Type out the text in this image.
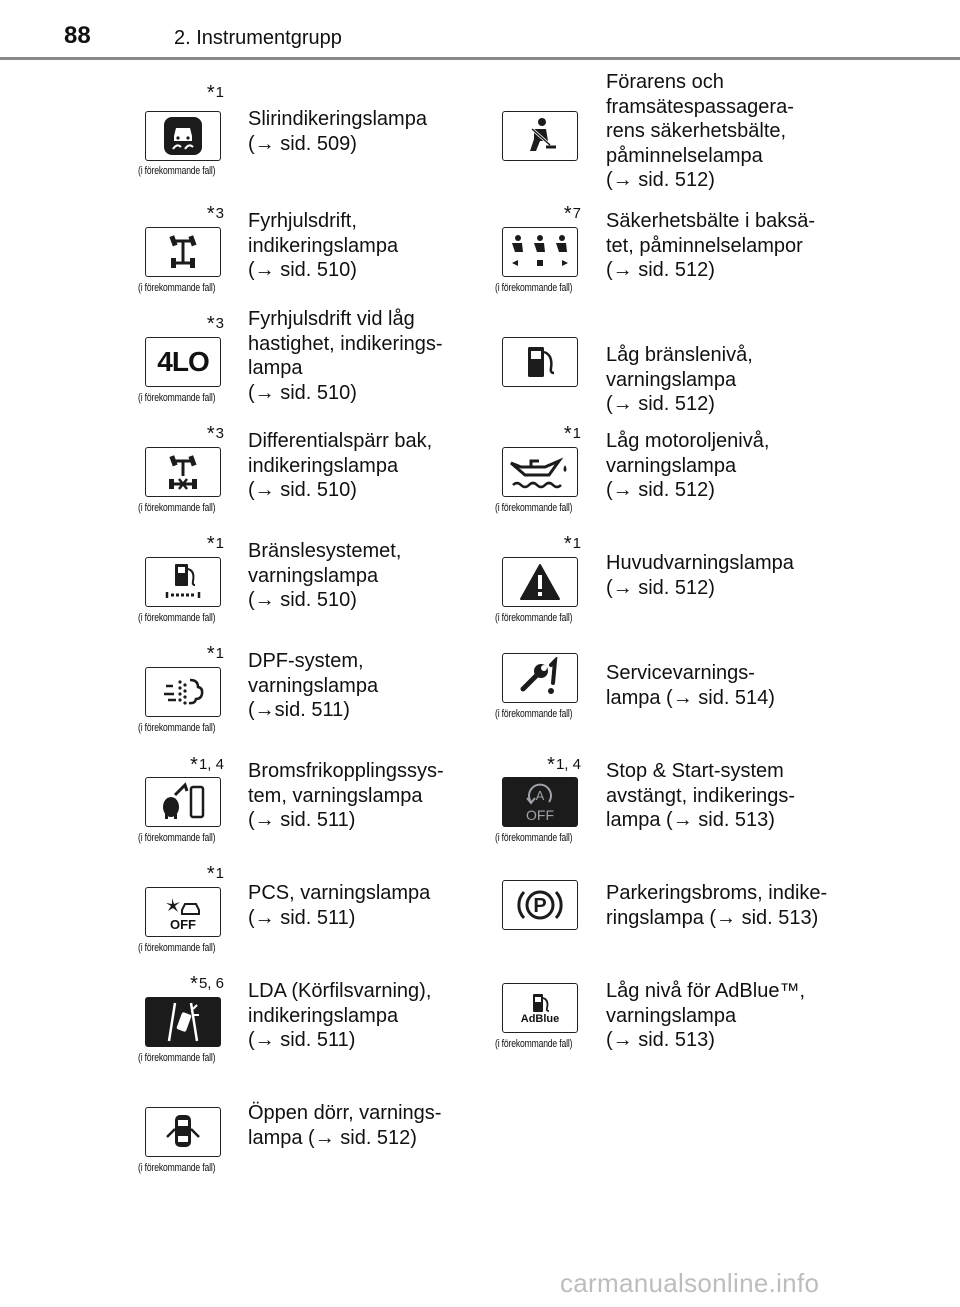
88	2. Instrumentgrupp
*1
(i förekommande fall)
Slirindikeringslampa
(→ sid. 509)
*3
(i förekommande fall)
Fyrhjulsdrift,
indikeringslampa
(→ sid. 510)
*3
4LO
(i förekommande fall)
Fyrhjulsdrift vid låg
hastighet, indikerings-
lampa
(→ sid. 510)
*3
(i förekommande fall)
Differentialspärr bak,
indikeringslampa
(→ sid. 510)
*1
(i förekommande fall)
Bränslesystemet,
varningslampa
(→ sid. 510)
*1
(i förekommande fall)
DPF-system,
varningslampa
(→sid. 511)
*1, 4
(i förekommande fall)
Bromsfrikopplingssys-
tem, varningslampa
(→ sid. 511)
*1
OFF
(i förekommande fall)
PCS, varningslampa
(→ sid. 511)
*5, 6
(i förekommande fall)
LDA (Körfilsvarning),
indikeringslampa
(→ sid. 511)
(i förekommande fall)
Öppen dörr, varnings-
lampa (→ sid. 512)
Förarens och
framsätespassagera-
rens säkerhetsbälte,
påminnelselampa
(→ sid. 512)
*7
(i förekommande fall)
Säkerhetsbälte i baksä-
tet, påminnelselampor
(→ sid. 512)
Låg bränslenivå,
varningslampa
(→ sid. 512)
*1
(i förekommande fall)
Låg motoroljenivå,
varningslampa
(→ sid. 512)
*1
(i förekommande fall)
Huvudvarningslampa
(→ sid. 512)
(i förekommande fall)
Servicevarnings-
lampa (→ sid. 514)
*1, 4
A
OFF
(i förekommande fall)
Stop & Start-system
avstängt, indikerings-
lampa (→ sid. 513)
P
Parkeringsbroms, indike-
ringslampa (→ sid. 513)
AdBlue
(i förekommande fall)
Låg nivå för AdBlue™,
varningslampa
(→ sid. 513)
carmanualsonline.info
